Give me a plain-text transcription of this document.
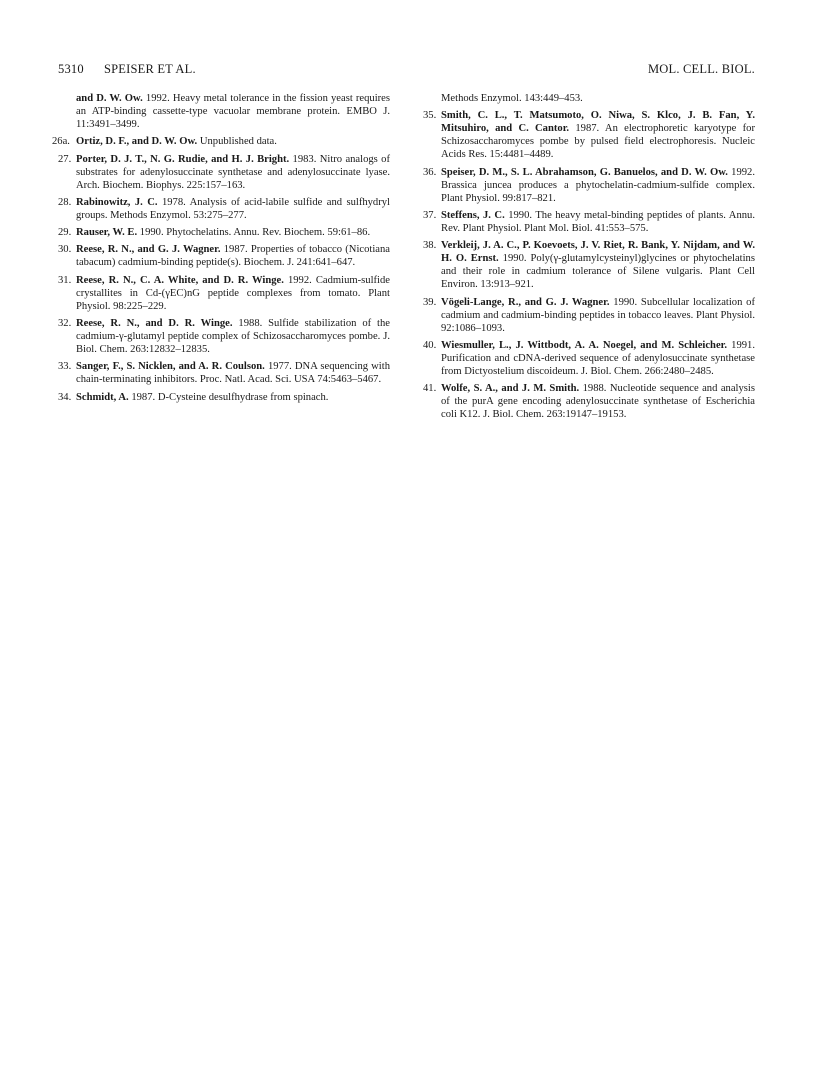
5310 SPEISER ET AL.	MOL. CELL. BIOL.
and D. W. Ow. 1992. Heavy metal tolerance in the fission yeast requires an ATP-binding cassette-type vacuolar membrane protein. EMBO J. 11:3491–3499.
26a. Ortiz, D. F., and D. W. Ow. Unpublished data.
27. Porter, D. J. T., N. G. Rudie, and H. J. Bright. 1983. Nitro analogs of substrates for adenylosuccinate synthetase and adenylosuccinate lyase. Arch. Biochem. Biophys. 225:157–163.
28. Rabinowitz, J. C. 1978. Analysis of acid-labile sulfide and sulfhydryl groups. Methods Enzymol. 53:275–277.
29. Rauser, W. E. 1990. Phytochelatins. Annu. Rev. Biochem. 59:61–86.
30. Reese, R. N., and G. J. Wagner. 1987. Properties of tobacco (Nicotiana tabacum) cadmium-binding peptide(s). Biochem. J. 241:641–647.
31. Reese, R. N., C. A. White, and D. R. Winge. 1992. Cadmium-sulfide crystallites in Cd-(γEC)nG peptide complexes from tomato. Plant Physiol. 98:225–229.
32. Reese, R. N., and D. R. Winge. 1988. Sulfide stabilization of the cadmium-γ-glutamyl peptide complex of Schizosaccharomyces pombe. J. Biol. Chem. 263:12832–12835.
33. Sanger, F., S. Nicklen, and A. R. Coulson. 1977. DNA sequencing with chain-terminating inhibitors. Proc. Natl. Acad. Sci. USA 74:5463–5467.
34. Schmidt, A. 1987. D-Cysteine desulfhydrase from spinach.
Methods Enzymol. 143:449–453.
35. Smith, C. L., T. Matsumoto, O. Niwa, S. Klco, J. B. Fan, Y. Mitsuhiro, and C. Cantor. 1987. An electrophoretic karyotype for Schizosaccharomyces pombe by pulsed field electrophoresis. Nucleic Acids Res. 15:4481–4489.
36. Speiser, D. M., S. L. Abrahamson, G. Banuelos, and D. W. Ow. 1992. Brassica juncea produces a phytochelatin-cadmium-sulfide complex. Plant Physiol. 99:817–821.
37. Steffens, J. C. 1990. The heavy metal-binding peptides of plants. Annu. Rev. Plant Physiol. Plant Mol. Biol. 41:553–575.
38. Verkleij, J. A. C., P. Koevoets, J. V. Riet, R. Bank, Y. Nijdam, and W. H. O. Ernst. 1990. Poly(γ-glutamylcysteinyl)glycines or phytochelatins and their role in cadmium tolerance of Silene vulgaris. Plant Cell Environ. 13:913–921.
39. Vögeli-Lange, R., and G. J. Wagner. 1990. Subcellular localization of cadmium and cadmium-binding peptides in tobacco leaves. Plant Physiol. 92:1086–1093.
40. Wiesmuller, L., J. Wittbodt, A. A. Noegel, and M. Schleicher. 1991. Purification and cDNA-derived sequence of adenylosuccinate synthetase from Dictyostelium discoideum. J. Biol. Chem. 266:2480–2485.
41. Wolfe, S. A., and J. M. Smith. 1988. Nucleotide sequence and analysis of the purA gene encoding adenylosuccinate synthetase of Escherichia coli K12. J. Biol. Chem. 263:19147–19153.
